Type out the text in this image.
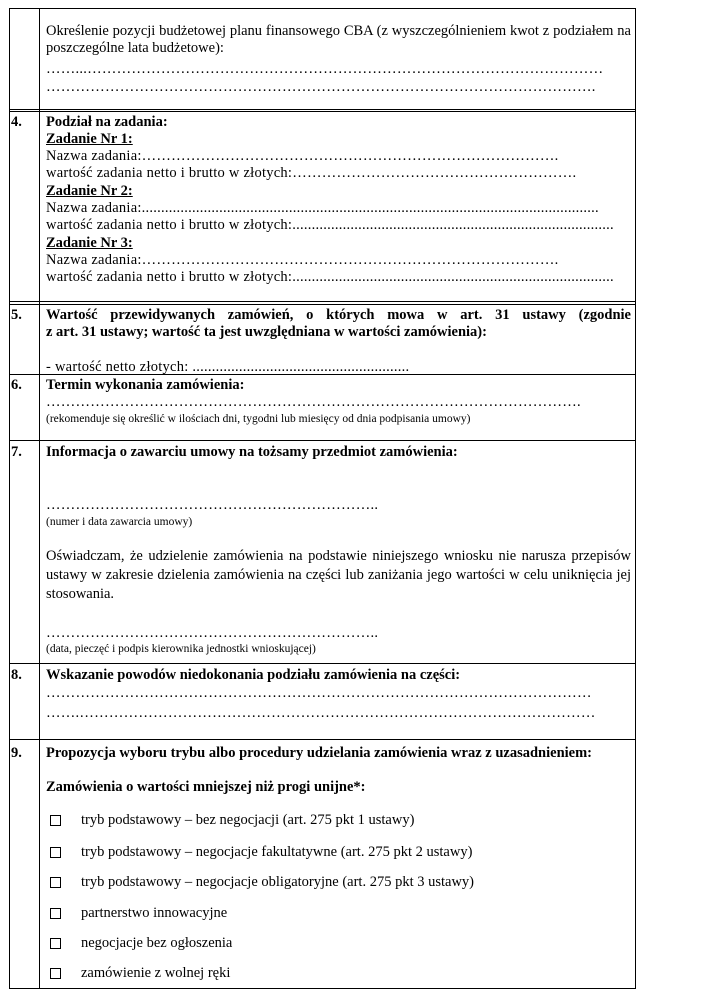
Określenie pozycji budżetowej planu finansowego CBA (z wyszczególnieniem kwot z podziałem na poszczególne lata budżetowe):
……...……………………………………………………………………………………………
………………………………………………………………………………………………….
4.	Podział na zadania:
Zadanie Nr 1:
Nazwa zadania:………………………………………………………………………….
wartość zadania netto i brutto w złotych:………………………………………………….
Zadanie Nr 2:
Nazwa zadania:......................................................................................................................
wartość zadania netto i brutto w złotych:...................................................................................
Zadanie Nr 3:
Nazwa zadania:………………………………………………………………………….
wartość zadania netto i brutto w złotych:...................................................................................
5.	Wartość przewidywanych zamówień, o których mowa w art. 31 ustawy (zgodnie
z art. 31 ustawy; wartość ta jest uwzględniana w wartości zamówienia):
- wartość netto złotych: ........................................................
6.	Termin wykonania zamówienia:
……………………………………………………………………………………………….
(rekomenduje się określić w ilościach dni, tygodni lub miesięcy od dnia podpisania umowy)
7.	Informacja o zawarciu umowy na tożsamy przedmiot zamówienia:
…………………………………………………………..
(numer i data zawarcia umowy)
Oświadczam, że udzielenie zamówienia na podstawie niniejszego wniosku nie narusza przepisów ustawy w zakresie dzielenia zamówienia na części lub zaniżania jego wartości w celu uniknięcia jej stosowania.
…………………………………………………………..
(data, pieczęć i podpis kierownika jednostki wnioskującej)
8.	Wskazanie powodów niedokonania podziału zamówienia na części:
…………………………………………………………………………………………………
…….……………………………………………………………………………………………
9.	Propozycja wyboru trybu albo procedury udzielania zamówienia wraz z uzasadnieniem:
Zamówienia o wartości mniejszej niż progi unijne*:
tryb podstawowy – bez negocjacji (art. 275 pkt 1 ustawy)
tryb podstawowy – negocjacje fakultatywne (art. 275 pkt 2 ustawy)
tryb podstawowy – negocjacje obligatoryjne (art. 275 pkt 3 ustawy)
partnerstwo innowacyjne
negocjacje bez ogłoszenia
zamówienie z wolnej ręki
